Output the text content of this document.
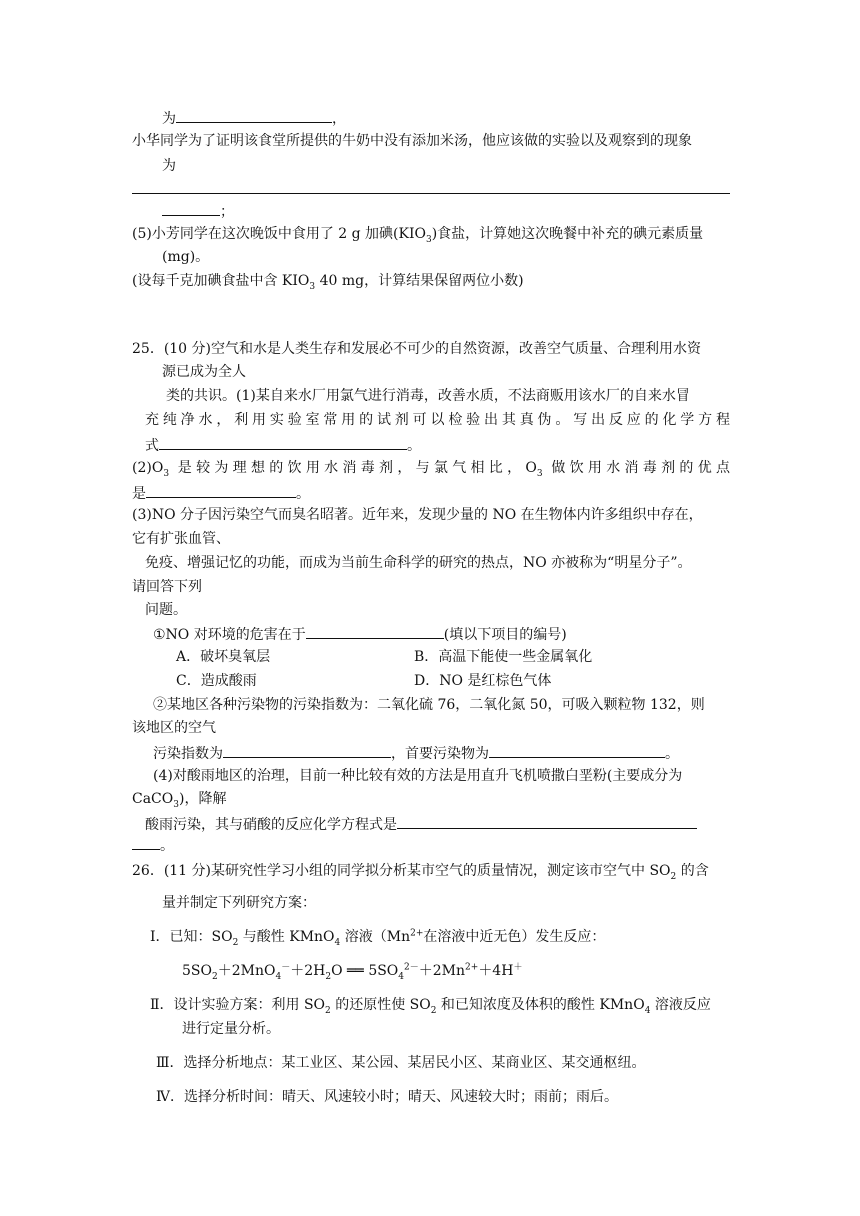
为	，
小华同学为了证明该食堂所提供的牛奶中没有添加米汤，他应该做的实验以及观察到的现象
为
；
(5)小芳同学在这次晚饭中食用了 2 g 加碘$(KIO_3)$食盐，计算她这次晚餐中补充的碘元素质量
(mg)。
(设每千克加碘食盐中含 $KIO_3$ 40 mg，计算结果保留两位小数)
25．(10 分)空气和水是人类生存和发展必不可少的自然资源，改善空气质量、合理利用水资
源已成为全人
类的共识。(1)某自来水厂用氯气进行消毒，改善水质，不法商贩用该水厂的自来水冒
充纯净水，利用实验室常用的试剂可以检验出其真伪。写出反应的化学方程
式	。
$(2)O_3$ 是较为理想的饮用水消毒剂，与氯气相比，$O_3$ 做饮用水消毒剂的优点
是	。
(3)NO 分子因污染空气而臭名昭著。近年来，发现少量的 NO 在生物体内许多组织中存在，
它有扩张血管、
免疫、增强记忆的功能，而成为当前生命科学的研究的热点，NO 亦被称为“明星分子”。
请回答下列
问题。
①NO 对环境的危害在于	(填以下项目的编号)
A．破坏臭氧层	B．高温下能使一些金属氧化
C．造成酸雨	D．NO 是红棕色气体
②某地区各种污染物的污染指数为：二氧化硫 76，二氧化氮 50，可吸入颗粒物 132，则
该地区的空气
污染指数为	，首要污染物为	。
(4)对酸雨地区的治理，目前一种比较有效的方法是用直升飞机喷撒白垩粉(主要成分为
CaCO$_3$)，降解
酸雨污染，其与硝酸的反应化学方程式是
。
26．(11 分)某研究性学习小组的同学拟分析某市空气的质量情况，测定该市空气中 $SO_2$ 的含
量并制定下列研究方案：
Ⅰ．已知：$SO_2$ 与酸性 KMnO$_4$ 溶液（$Mn^{2+}$在溶液中近无色）发生反应：
$5SO_2+2MnO_4^-+2H_2O$ ══ $5SO_4^{2-}+2Mn^{2+}+4H^+$
Ⅱ．设计实验方案：利用 $SO_2$ 的还原性使 $SO_2$ 和已知浓度及体积的酸性 KMnO$_4$ 溶液反应
进行定量分析。
Ⅲ．选择分析地点：某工业区、某公园、某居民小区、某商业区、某交通枢纽。
Ⅳ．选择分析时间：晴天、风速较小时；晴天、风速较大时；雨前；雨后。
